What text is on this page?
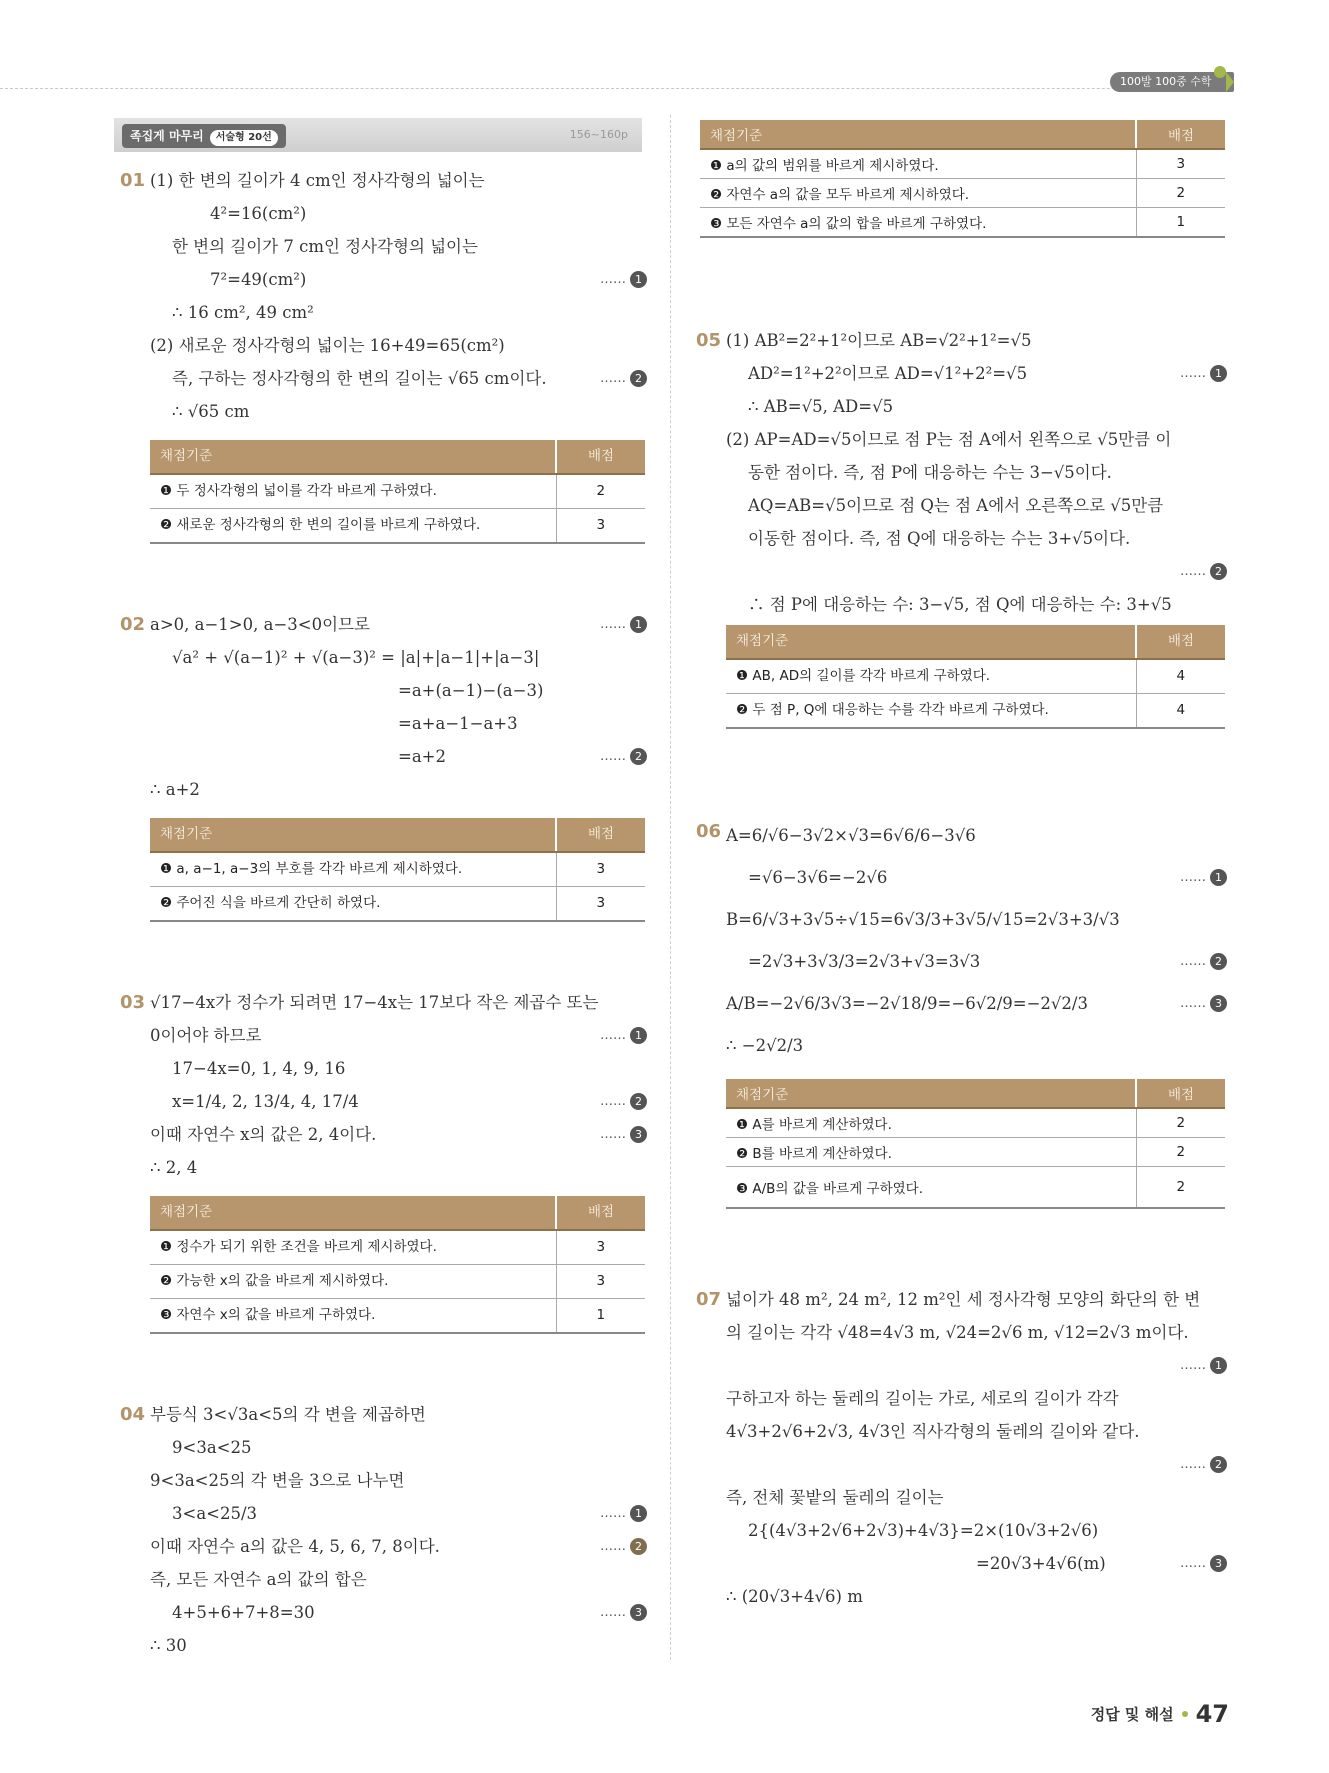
100발 100중 수학
족집게 마무리 서술형 20선	156~160p
01 (1) 한 변의 길이가 4 cm인 정사각형의 넓이는
4²=16(cm²)
한 변의 길이가 7 cm인 정사각형의 넓이는
7²=49(cm²)	…… 1
∴ 16 cm², 49 cm²
(2) 새로운 정사각형의 넓이는 16+49=65(cm²)
즉, 구하는 정사각형의 한 변의 길이는 √65 cm이다.	…… 2
∴ √65 cm
채점기준	배점
❶ 두 정사각형의 넓이를 각각 바르게 구하였다.	2
❷ 새로운 정사각형의 한 변의 길이를 바르게 구하였다.	3
02 a>0, a−1>0, a−3<0이므로	…… 1
√a² + √(a−1)² + √(a−3)² = |a|+|a−1|+|a−3|
=a+(a−1)−(a−3)
=a+a−1−a+3
=a+2	…… 2
∴ a+2
채점기준	배점
❶ a, a−1, a−3의 부호를 각각 바르게 제시하였다.	3
❷ 주어진 식을 바르게 간단히 하였다.	3
03 √17−4x가 정수가 되려면 17−4x는 17보다 작은 제곱수 또는
0이어야 하므로	…… 1
17−4x=0, 1, 4, 9, 16
x=1/4, 2, 13/4, 4, 17/4	…… 2
이때 자연수 x의 값은 2, 4이다.	…… 3
∴ 2, 4
채점기준	배점
❶ 정수가 되기 위한 조건을 바르게 제시하였다.	3
❷ 가능한 x의 값을 바르게 제시하였다.	3
❸ 자연수 x의 값을 바르게 구하였다.	1
04 부등식 3<√3a<5의 각 변을 제곱하면
9<3a<25
9<3a<25의 각 변을 3으로 나누면
3<a<25/3	…… 1
이때 자연수 a의 값은 4, 5, 6, 7, 8이다.	…… 2
즉, 모든 자연수 a의 값의 합은
4+5+6+7+8=30	…… 3
∴ 30
채점기준	배점
❶ a의 값의 범위를 바르게 제시하였다.	3
❷ 자연수 a의 값을 모두 바르게 제시하였다.	2
❸ 모든 자연수 a의 값의 합을 바르게 구하였다.	1
05 (1) AB²=2²+1²이므로 AB=√2²+1²=√5
AD²=1²+2²이므로 AD=√1²+2²=√5	…… 1
∴ AB=√5, AD=√5
(2) AP=AD=√5이므로 점 P는 점 A에서 왼쪽으로 √5만큼 이
동한 점이다. 즉, 점 P에 대응하는 수는 3−√5이다.
AQ=AB=√5이므로 점 Q는 점 A에서 오른쪽으로 √5만큼
이동한 점이다. 즉, 점 Q에 대응하는 수는 3+√5이다.

…… 2
∴ 점 P에 대응하는 수: 3−√5, 점 Q에 대응하는 수: 3+√5
채점기준	배점
❶ AB, AD의 길이를 각각 바르게 구하였다.	4
❷ 두 점 P, Q에 대응하는 수를 각각 바르게 구하였다.	4
06 A=6/√6−3√2×√3=6√6/6−3√6
=√6−3√6=−2√6	…… 1
B=6/√3+3√5÷√15=6√3/3+3√5/√15=2√3+3/√3
=2√3+3√3/3=2√3+√3=3√3	…… 2
A/B=−2√6/3√3=−2√18/9=−6√2/9=−2√2/3	…… 3
∴ −2√2/3
채점기준	배점
❶ A를 바르게 계산하였다.	2
❷ B를 바르게 계산하였다.	2
❸ A/B의 값을 바르게 구하였다.	2
07 넓이가 48 m², 24 m², 12 m²인 세 정사각형 모양의 화단의 한 변
의 길이는 각각 √48=4√3 m, √24=2√6 m, √12=2√3 m이다.

…… 1
구하고자 하는 둘레의 길이는 가로, 세로의 길이가 각각
4√3+2√6+2√3, 4√3인 직사각형의 둘레의 길이와 같다.

…… 2
즉, 전체 꽃밭의 둘레의 길이는
2{(4√3+2√6+2√3)+4√3}=2×(10√3+2√6)
=20√3+4√6(m)	…… 3
∴ (20√3+4√6) m
정답 및 해설 47
